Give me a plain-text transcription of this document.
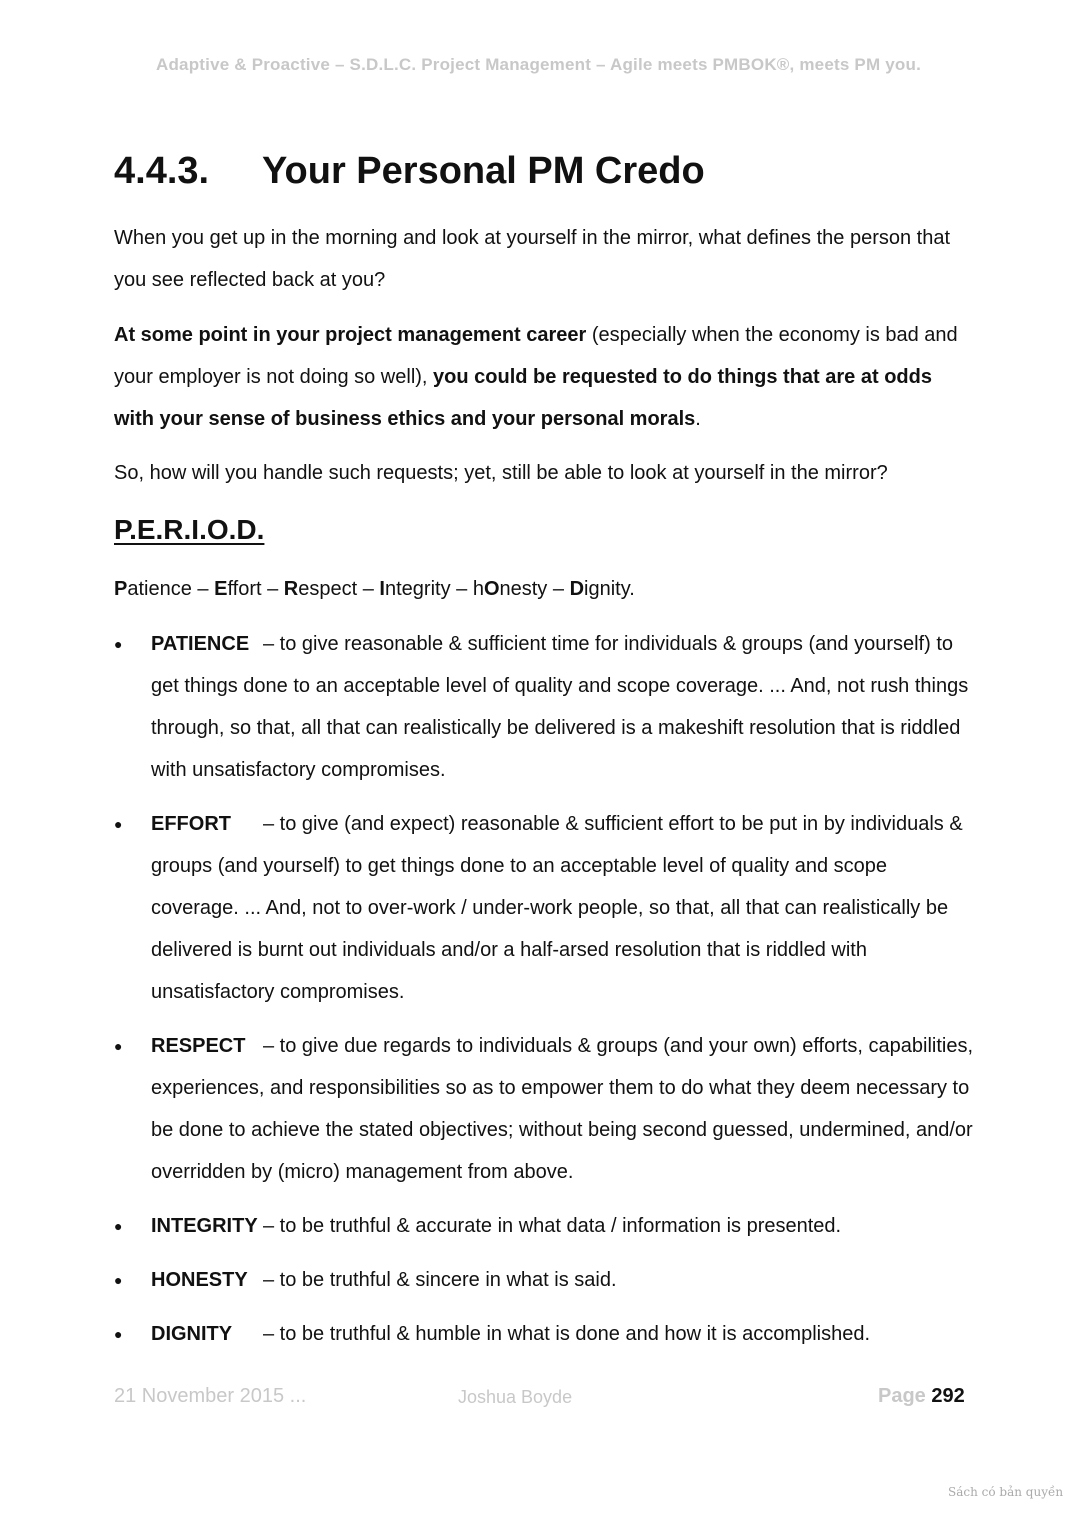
Adaptive & Proactive – S.D.L.C. Project Management – Agile meets PMBOK®, meets PM you.
4.4.3. Your Personal PM Credo
When you get up in the morning and look at yourself in the mirror, what defines the person that you see reflected back at you?
At some point in your project management career (especially when the economy is bad and your employer is not doing so well), you could be requested to do things that are at odds with your sense of business ethics and your personal morals.
So, how will you handle such requests; yet, still be able to look at yourself in the mirror?
P.E.R.I.O.D.
Patience – Effort – Respect – Integrity – hOnesty – Dignity.
● PATIENCE – to give reasonable & sufficient time for individuals & groups (and yourself) to get things done to an acceptable level of quality and scope coverage. ... And, not rush things through, so that, all that can realistically be delivered is a makeshift resolution that is riddled with unsatisfactory compromises.
● EFFORT – to give (and expect) reasonable & sufficient effort to be put in by individuals & groups (and yourself) to get things done to an acceptable level of quality and scope coverage. ... And, not to over-work / under-work people, so that, all that can realistically be delivered is burnt out individuals and/or a half-arsed resolution that is riddled with unsatisfactory compromises.
● RESPECT – to give due regards to individuals & groups (and your own) efforts, capabilities, experiences, and responsibilities so as to empower them to do what they deem necessary to be done to achieve the stated objectives; without being second guessed, undermined, and/or overridden by (micro) management from above.
● INTEGRITY – to be truthful & accurate in what data / information is presented.
● HONESTY – to be truthful & sincere in what is said.
● DIGNITY – to be truthful & humble in what is done and how it is accomplished.
21 November 2015 ...	Joshua Boyde	Page 292
Sách có bản quyền
